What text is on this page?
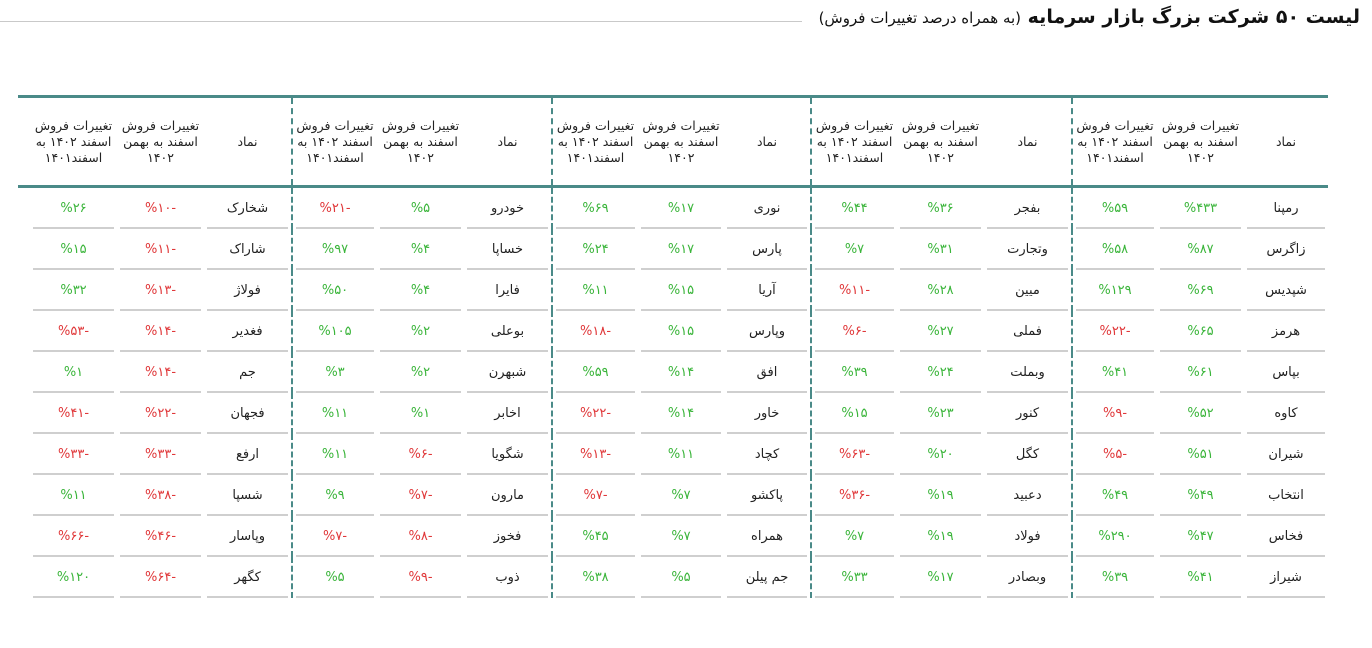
لیست ۵۰ شرکت بزرگ بازار سرمایه (به همراه درصد تغییرات فروش)
نماد
تغییرات فروش اسفند به بهمن ۱۴۰۲
تغییرات فروش اسفند ۱۴۰۲ به اسفند۱۴۰۱
نماد
تغییرات فروش اسفند به بهمن ۱۴۰۲
تغییرات فروش اسفند ۱۴۰۲ به اسفند۱۴۰۱
نماد
تغییرات فروش اسفند به بهمن ۱۴۰۲
تغییرات فروش اسفند ۱۴۰۲ به اسفند۱۴۰۱
نماد
تغییرات فروش اسفند به بهمن ۱۴۰۲
تغییرات فروش اسفند ۱۴۰۲ به اسفند۱۴۰۱
نماد
تغییرات فروش اسفند به بهمن ۱۴۰۲
تغییرات فروش اسفند ۱۴۰۲ به اسفند۱۴۰۱
رمپنا
%۴۳۳
%۵۹
بفجر
%۳۶
%۴۴
نوری
%۱۷
%۶۹
خودرو
%۵
-%۲۱
شخارک
-%۱۰
%۲۶
زاگرس
%۸۷
%۵۸
وتجارت
%۳۱
%۷
پارس
%۱۷
%۲۴
خساپا
%۴
%۹۷
شاراک
-%۱۱
%۱۵
شپدیس
%۶۹
%۱۲۹
میین
%۲۸
-%۱۱
آریا
%۱۵
%۱۱
فایرا
%۴
%۵۰
فولاژ
-%۱۳
%۳۲
هرمز
%۶۵
-%۲۲
فملی
%۲۷
-%۶
وپارس
%۱۵
-%۱۸
بوعلی
%۲
%۱۰۵
فغدیر
-%۱۴
-%۵۳
بپاس
%۶۱
%۴۱
وبملت
%۲۴
%۳۹
افق
%۱۴
%۵۹
شبهرن
%۲
%۳
جم
-%۱۴
%۱
کاوه
%۵۲
-%۹
کنور
%۲۳
%۱۵
خاور
%۱۴
-%۲۲
اخابر
%۱
%۱۱
فجهان
-%۲۲
-%۴۱
شیران
%۵۱
-%۵
کگل
%۲۰
-%۶۳
کچاد
%۱۱
-%۱۳
شگویا
-%۶
%۱۱
ارفع
-%۳۳
-%۳۳
انتخاب
%۴۹
%۴۹
دعبید
%۱۹
-%۳۶
پاکشو
%۷
-%۷
مارون
-%۷
%۹
شسپا
-%۳۸
%۱۱
فخاس
%۴۷
%۲۹۰
فولاد
%۱۹
%۷
همراه
%۷
%۴۵
فخوز
-%۸
-%۷
وپاسار
-%۴۶
-%۶۶
شیراز
%۴۱
%۳۹
وبصادر
%۱۷
%۳۳
جم پیلن
%۵
%۳۸
ذوب
-%۹
%۵
کگهر
-%۶۴
%۱۲۰
